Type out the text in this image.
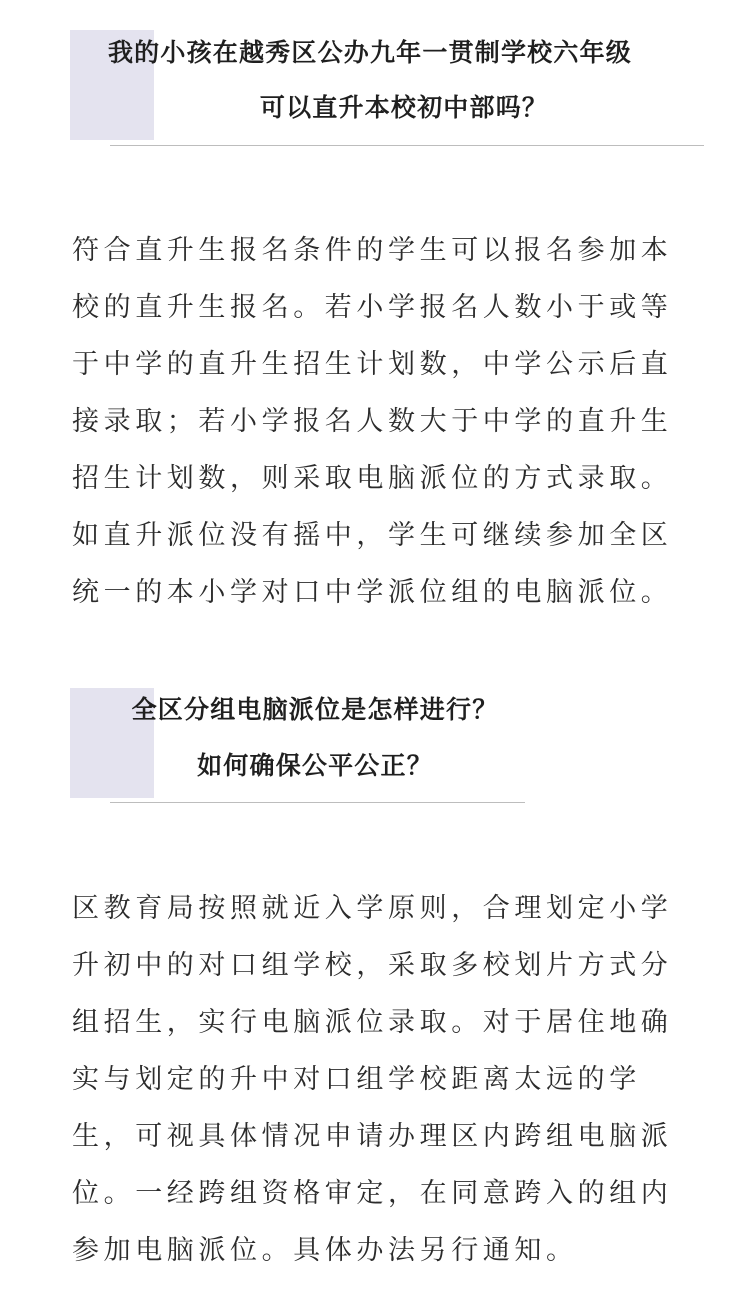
我的小孩在越秀区公办九年一贯制学校六年级
可以直升本校初中部吗？
符合直升生报名条件的学生可以报名参加本
校的直升生报名。若小学报名人数小于或等
于中学的直升生招生计划数，中学公示后直
接录取；若小学报名人数大于中学的直升生
招生计划数，则采取电脑派位的方式录取。
如直升派位没有摇中，学生可继续参加全区
统一的本小学对口中学派位组的电脑派位。
全区分组电脑派位是怎样进行？
如何确保公平公正？
区教育局按照就近入学原则，合理划定小学
升初中的对口组学校，采取多校划片方式分
组招生，实行电脑派位录取。对于居住地确
实与划定的升中对口组学校距离太远的学
生，可视具体情况申请办理区内跨组电脑派
位。一经跨组资格审定，在同意跨入的组内
参加电脑派位。具体办法另行通知。
